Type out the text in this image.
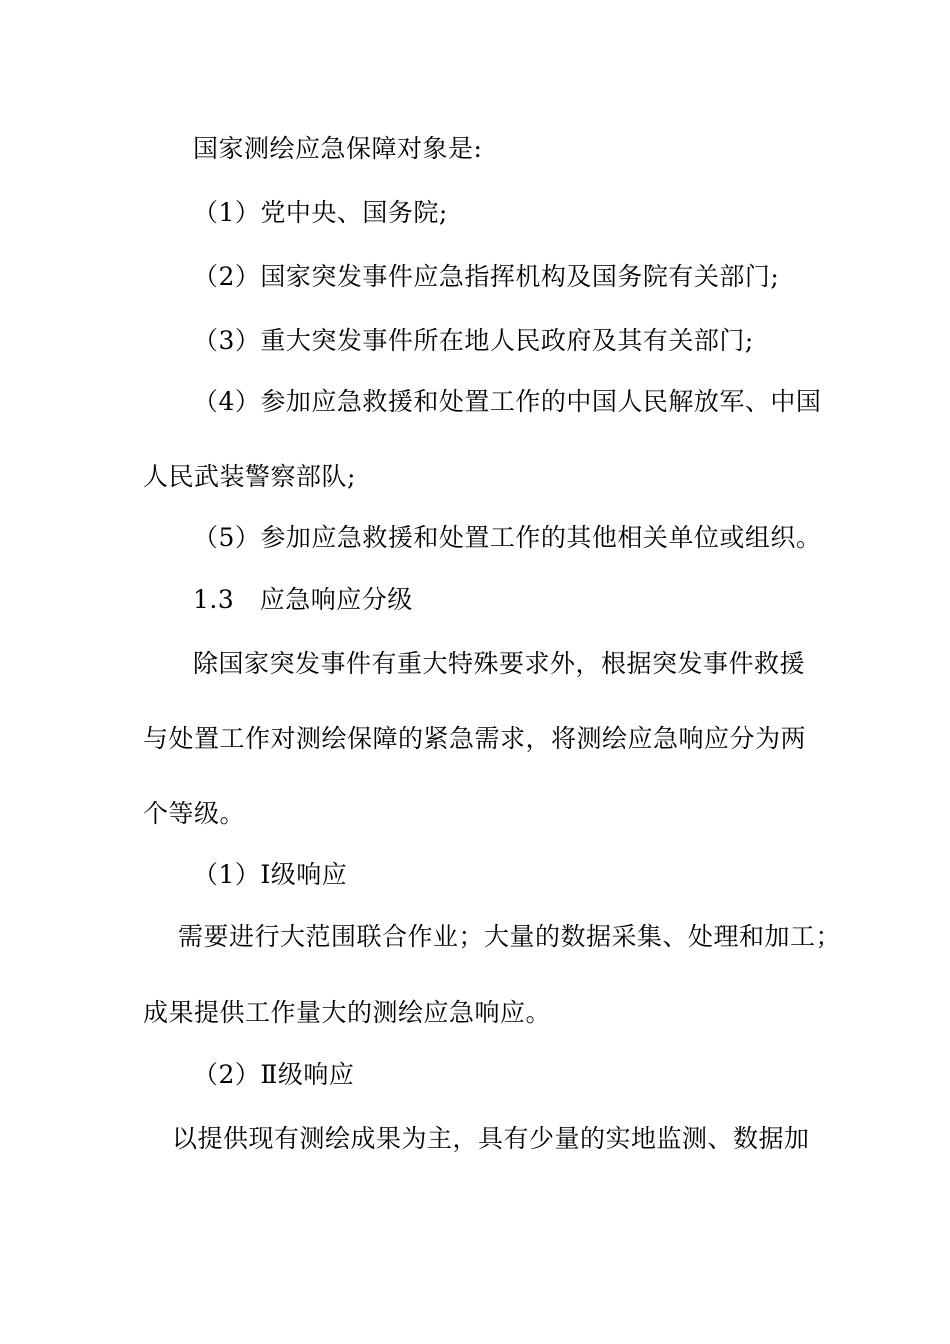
国家测绘应急保障对象是:
（1）党中央、国务院;
（2）国家突发事件应急指挥机构及国务院有关部门;
（3）重大突发事件所在地人民政府及其有关部门;
（4）参加应急救援和处置工作的中国人民解放军、中国
人民武装警察部队;
（5）参加应急救援和处置工作的其他相关单位或组织。
1.3　应急响应分级
除国家突发事件有重大特殊要求外，根据突发事件救援
与处置工作对测绘保障的紧急需求，将测绘应急响应分为两
个等级。
（1）Ⅰ级响应
需要进行大范围联合作业；大量的数据采集、处理和加工；
成果提供工作量大的测绘应急响应。
（2）Ⅱ级响应
以提供现有测绘成果为主，具有少量的实地监测、数据加
